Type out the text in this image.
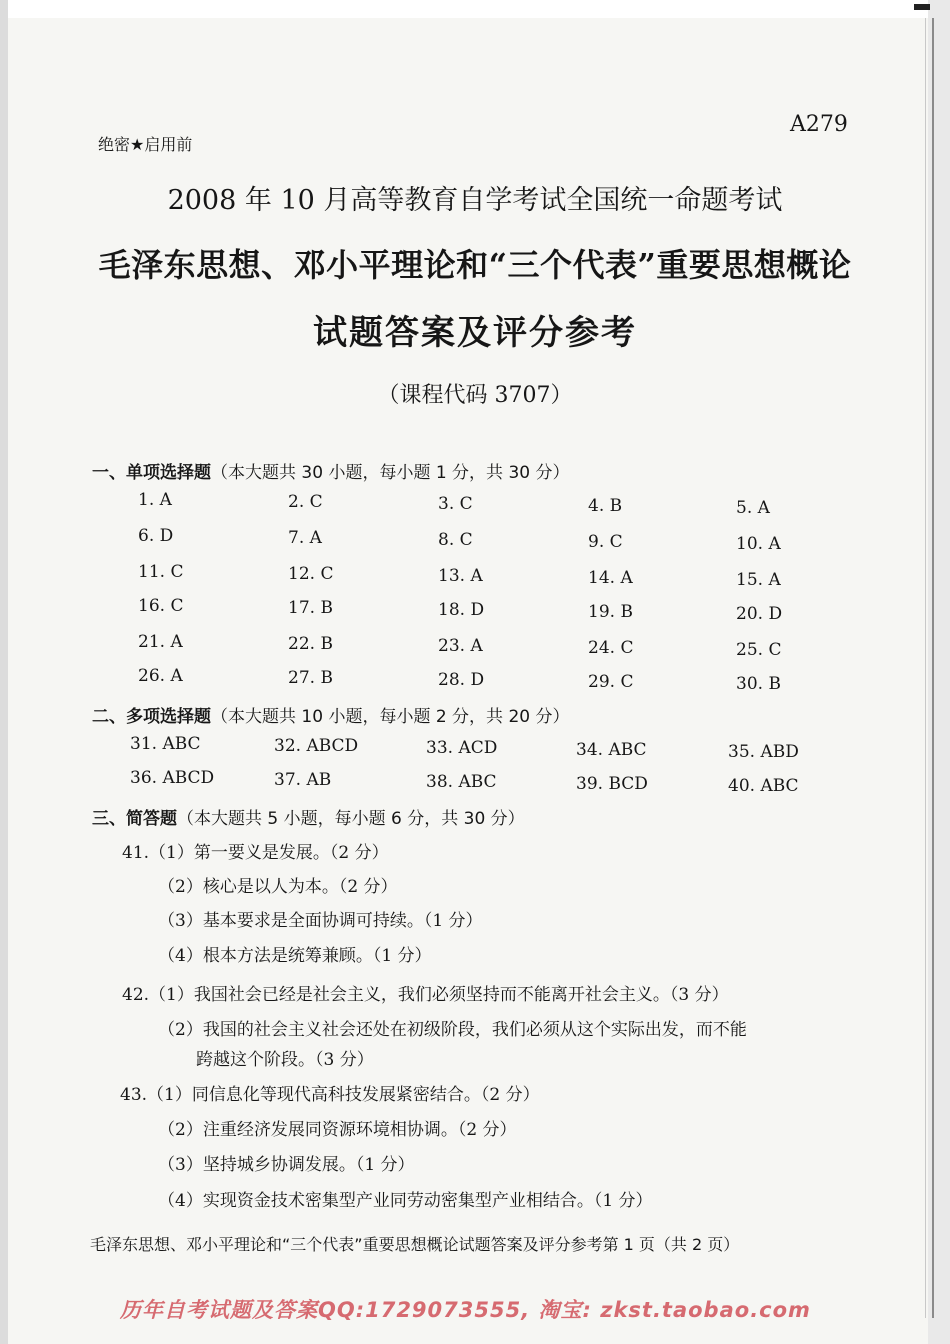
A279
绝密★启用前
2008 年 10 月高等教育自学考试全国统一命题考试
毛泽东思想、邓小平理论和“三个代表”重要思想概论
试题答案及评分参考
（课程代码 3707）
一、单项选择题（本大题共 30 小题，每小题 1 分，共 30 分）
1. A	2. C	3. C	4. B	5. A
6. D	7. A	8. C	9. C	10. A
11. C	12. C	13. A	14. A	15. A
16. C	17. B	18. D	19. B	20. D
21. A	22. B	23. A	24. C	25. C
26. A	27. B	28. D	29. C	30. B
二、多项选择题（本大题共 10 小题，每小题 2 分，共 20 分）
31. ABC	32. ABCD	33. ACD	34. ABC	35. ABD
36. ABCD	37. AB	38. ABC	39. BCD	40. ABC
三、简答题（本大题共 5 小题，每小题 6 分，共 30 分）
41.（1）第一要义是发展。（2 分）
（2）核心是以人为本。（2 分）
（3）基本要求是全面协调可持续。（1 分）
（4）根本方法是统筹兼顾。（1 分）
42.（1）我国社会已经是社会主义，我们必须坚持而不能离开社会主义。（3 分）
（2）我国的社会主义社会还处在初级阶段，我们必须从这个实际出发，而不能
跨越这个阶段。（3 分）
43.（1）同信息化等现代高科技发展紧密结合。（2 分）
（2）注重经济发展同资源环境相协调。（2 分）
（3）坚持城乡协调发展。（1 分）
（4）实现资金技术密集型产业同劳动密集型产业相结合。（1 分）
毛泽东思想、邓小平理论和“三个代表”重要思想概论试题答案及评分参考第 1 页（共 2 页）
历年自考试题及答案QQ:1729073555, 淘宝: zkst.taobao.com
